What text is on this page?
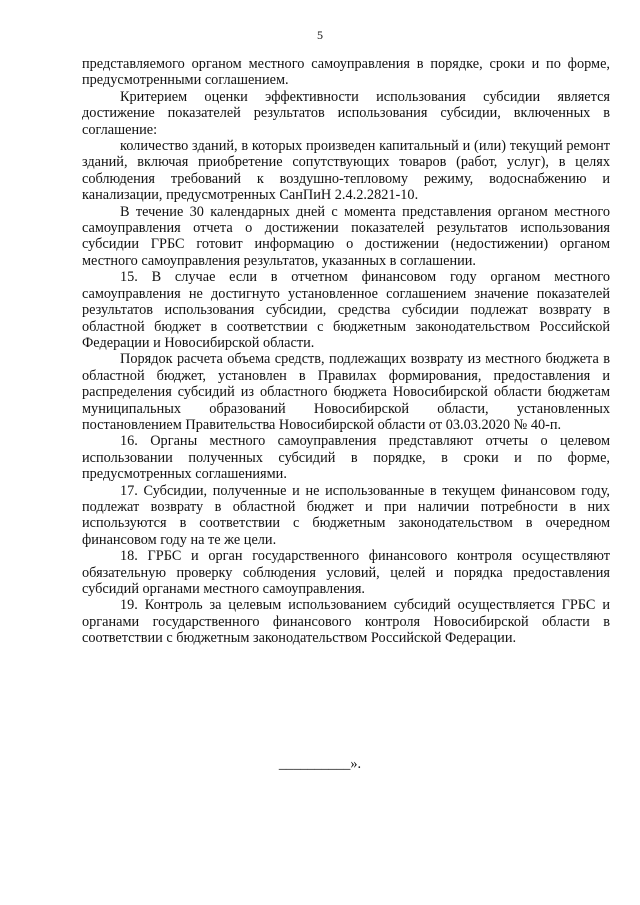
5

представляемого органом местного самоуправления в порядке, сроки и по форме, предусмотренными соглашением.

Критерием оценки эффективности использования субсидии является достижение показателей результатов использования субсидии, включенных в соглашение:

количество зданий, в которых произведен капитальный и (или) текущий ремонт зданий, включая приобретение сопутствующих товаров (работ, услуг), в целях соблюдения требований к воздушно-тепловому режиму, водоснабжению и канализации, предусмотренных СанПиН 2.4.2.2821-10.

В течение 30 календарных дней с момента представления органом местного самоуправления отчета о достижении показателей результатов использования субсидии ГРБС готовит информацию о достижении (недостижении) органом местного самоуправления результатов, указанных в соглашении.

15. В случае если в отчетном финансовом году органом местного самоуправления не достигнуто установленное соглашением значение показателей результатов использования субсидии, средства субсидии подлежат возврату в областной бюджет в соответствии с бюджетным законодательством Российской Федерации и Новосибирской области.

Порядок расчета объема средств, подлежащих возврату из местного бюджета в областной бюджет, установлен в Правилах формирования, предоставления и распределения субсидий из областного бюджета Новосибирской области бюджетам муниципальных образований Новосибирской области, установленных постановлением Правительства Новосибирской области от 03.03.2020 № 40-п.

16. Органы местного самоуправления представляют отчеты о целевом использовании полученных субсидий в порядке, в сроки и по форме, предусмотренных соглашениями.

17. Субсидии, полученные и не использованные в текущем финансовом году, подлежат возврату в областной бюджет и при наличии потребности в них используются в соответствии с бюджетным законодательством в очередном финансовом году на те же цели.

18. ГРБС и орган государственного финансового контроля осуществляют обязательную проверку соблюдения условий, целей и порядка предоставления субсидий органами местного самоуправления.

19. Контроль за целевым использованием субсидий осуществляется ГРБС и органами государственного финансового контроля Новосибирской области в соответствии с бюджетным законодательством Российской Федерации.

__________».
